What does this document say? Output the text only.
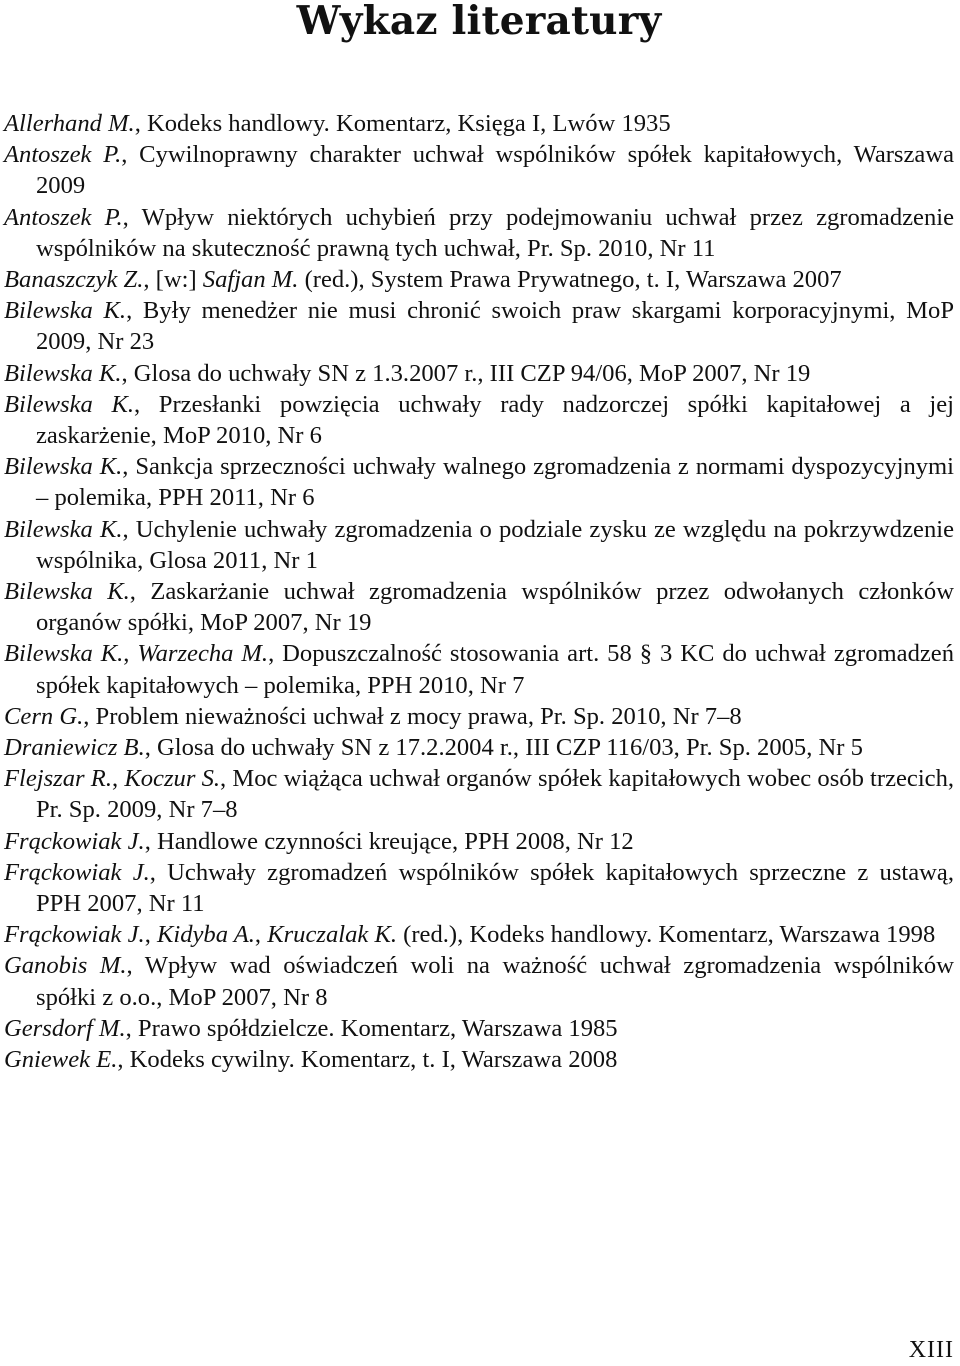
Wykaz literatury
Allerhand M., Kodeks handlowy. Komentarz, Księga I, Lwów 1935
Antoszek P., Cywilnoprawny charakter uchwał wspólników spółek kapitałowych, Warszawa 2009
Antoszek P., Wpływ niektórych uchybień przy podejmowaniu uchwał przez zgromadzenie wspólników na skuteczność prawną tych uchwał, Pr. Sp. 2010, Nr 11
Banaszczyk Z., [w:] Safjan M. (red.), System Prawa Prywatnego, t. I, Warszawa 2007
Bilewska K., Były menedżer nie musi chronić swoich praw skargami korporacyjnymi, MoP 2009, Nr 23
Bilewska K., Glosa do uchwały SN z 1.3.2007 r., III CZP 94/06, MoP 2007, Nr 19
Bilewska K., Przesłanki powzięcia uchwały rady nadzorczej spółki kapitałowej a jej zaskarżenie, MoP 2010, Nr 6
Bilewska K., Sankcja sprzeczności uchwały walnego zgromadzenia z normami dyspozycyjnymi – polemika, PPH 2011, Nr 6
Bilewska K., Uchylenie uchwały zgromadzenia o podziale zysku ze względu na pokrzywdzenie wspólnika, Glosa 2011, Nr 1
Bilewska K., Zaskarżanie uchwał zgromadzenia wspólników przez odwołanych członków organów spółki, MoP 2007, Nr 19
Bilewska K., Warzecha M., Dopuszczalność stosowania art. 58 § 3 KC do uchwał zgromadzeń spółek kapitałowych – polemika, PPH 2010, Nr 7
Cern G., Problem nieważności uchwał z mocy prawa, Pr. Sp. 2010, Nr 7–8
Draniewicz B., Glosa do uchwały SN z 17.2.2004 r., III CZP 116/03, Pr. Sp. 2005, Nr 5
Flejszar R., Koczur S., Moc wiążąca uchwał organów spółek kapitałowych wobec osób trzecich, Pr. Sp. 2009, Nr 7–8
Frąckowiak J., Handlowe czynności kreujące, PPH 2008, Nr 12
Frąckowiak J., Uchwały zgromadzeń wspólników spółek kapitałowych sprzeczne z ustawą, PPH 2007, Nr 11
Frąckowiak J., Kidyba A., Kruczalak K. (red.), Kodeks handlowy. Komentarz, Warszawa 1998
Ganobis M., Wpływ wad oświadczeń woli na ważność uchwał zgromadzenia wspólników spółki z o.o., MoP 2007, Nr 8
Gersdorf M., Prawo spółdzielcze. Komentarz, Warszawa 1985
Gniewek E., Kodeks cywilny. Komentarz, t. I, Warszawa 2008
XIII
